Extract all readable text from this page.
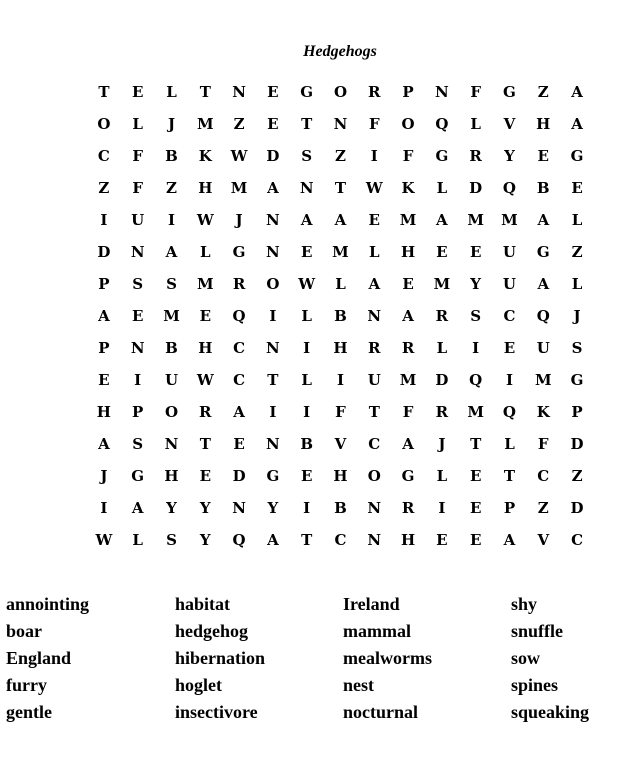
Hedgehogs
T	E	L	T	N	E	G	O	R	P	N	F	G	Z	A
O	L	J	M	Z	E	T	N	F	O	Q	L	V	H	A
C	F	B	K	W	D	S	Z	I	F	G	R	Y	E	G
Z	F	Z	H	M	A	N	T	W	K	L	D	Q	B	E
I	U	I	W	J	N	A	A	E	M	A	M	M	A	L
D	N	A	L	G	N	E	M	L	H	E	E	U	G	Z
P	S	S	M	R	O	W	L	A	E	M	Y	U	A	L
A	E	M	E	Q	I	L	B	N	A	R	S	C	Q	J
P	N	B	H	C	N	I	H	R	R	L	I	E	U	S
E	I	U	W	C	T	L	I	U	M	D	Q	I	M	G
H	P	O	R	A	I	I	F	T	F	R	M	Q	K	P
A	S	N	T	E	N	B	V	C	A	J	T	L	F	D
J	G	H	E	D	G	E	H	O	G	L	E	T	C	Z
I	A	Y	Y	N	Y	I	B	N	R	I	E	P	Z	D
W	L	S	Y	Q	A	T	C	N	H	E	E	A	V	C
annointing
boar
England
furry
gentle
habitat
hedgehog
hibernation
hoglet
insectivore
Ireland
mammal
mealworms
nest
nocturnal
shy
snuffle
sow
spines
squeaking
